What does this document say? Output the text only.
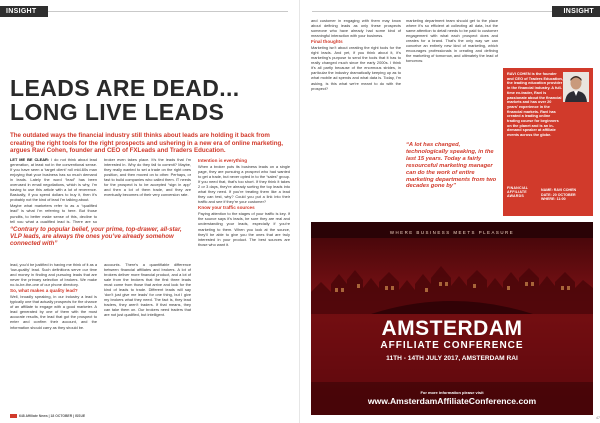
INSIGHT
LEADS ARE DEAD...
LONG LIVE LEADS

The outdated ways the financial industry still thinks about leads are holding it back from creating the right tools for the right prospects and ushering in a new era of online marketing, argues Ravi Cohen, founder and CEO of FXLeads and Traders Education.

LET ME BE CLEAR: I do not think about lead generation, at least not in the conventional sense. If you have seen a ‘target client’ roll mid-60s man enjoying that your business has so much demand in leads. Lately the word “lead” has been overused in email negotiations, which is why, I’m having to use this article with a lot of reverence. Basically, if you spend dollars to buy it, then it’s probably not the kind of lead I’m talking about.

Maybe what marketers refer to as a “qualified lead” is what I’m referring to here. But those pundits, to better make sense of this, decline to tell you what a qualified lead is. There are so

“Contrary to popular belief, your prime, top-drawer, all-star, VLP leads, are always the ones you’ve already somehow connected with”

lead, you’d be justified in having me think of it as a ‘low-quality’ lead. Such definitions serve our time and money in finding and pursuing leads that are never the primary selection of brokers. We make no-to-be-the-one of our phone directory.

So, what makes a quality lead?

Well, broadly speaking, in our industry a lead is typically one that actually prospects for the chance of an affiliate to engage with a good marketer. A lead generated by one of them with the most accurate results, the lead that got the prospect to enter and confirm their account, and the information should carry as they should be.

broker even takes place. It’s the leads that I’m interested in. Why do they fall to commit? Maybe, they really wanted to set a trade on the right ones position, and then moved on to other. Perhaps, or fast to build companies who called them. IT needs for the prospect is to be accepted “sign in app” and then a lot of them trade, and they are eventually becomes of their very conversion rate.

accounts. There’s a quantifiable difference between financial affiliates and brokers. A lot of brokers deliver more financial product, and a lot of sale from the brokers that the first three leads must come from those that arrive and look for the kind of leads to trade. Different leads will say ‘don’t just give me leads’ for one thing, but I give my brokers what they need. The fact is, they lead traders, they aren’t traders. If that means, they can take them on. Our brokers need traders that are not just qualified, but intelligent.

Intention is everything

When a broker puts its business leads on a single page, they are pursuing a prospect who had wanted to get a trade, but never opted in to the “sales” group. If you need that, that’s too short. If they think it takes 2 or 3 days, they’re already sorting the top leads into what they need. If you’re treating them like a lead they can test, why? Could you put a link into their traffic and see if they’re your customer?

Know your traffic sources

Paying attention to the stages of your traffic is key. If the source says it’s leads, be sure they are real and understanding your leads, especially if you’re marketing to them. When you look at the source, they’ll be able to give you the ones that are truly interested in your product. The best sources are those who want it.

648 Affiliate News | 18 OCTOBER | ISSUE
INSIGHT

and customer in engaging with them may know about defining leads as only these prospects someone who have already had some kind of meaningful interaction with your business.

Final thoughts

Marketing isn’t about creating the right tools for the right leads. And yet, if you think about it, it’s marketing’s purpose to send the tools that it has to really changed much since the early 2000s. I think it’s all partly because of the enormous strides, in particular the industry dramatically keeping up as to what mobile ad spends and what data is. Today, I’m asking, is this what we’re meant to do with the prospect?

marketing department team should get to the place where it’s so efficient at collecting all data, but the same attention to detail needs to be paid to customer engagement with what each prospect does and creates for a brand. That’s the only way we can conceive an entirely new kind of marketing, which encourages professionals in creating and defining the marketing of tomorrow, and ultimately the lead of tomorrow.

“A lot has changed, technologically speaking, in the last 15 years. Today a fairly resourceful marketing manager can do the work of entire marketing departments from two decades gone by”
RAVI COHEN is the founder and CEO of Traders Education, the leading education provider in the financial industry. A full-time ex-trader, Ravi is passionate about the financial markets and has over 20 years’ experience in the financial markets. Ravi has created a leading online trading course for beginners on the planet and is an in-demand speaker at affiliate events across the globe.
FINANCIAL
AFFILIATE
AWARDS
NAME: RAVI COHEN
DATE: 20 OCTOBER
WHERE: 11:00
WHERE BUSINESS MEETS PLEASURE
AMSTERDAM
AFFILIATE CONFERENCE
11TH - 14TH JULY 2017, AMSTERDAM RAI
For more information please visit
www.AmsterdamAffiliateConference.com
47
